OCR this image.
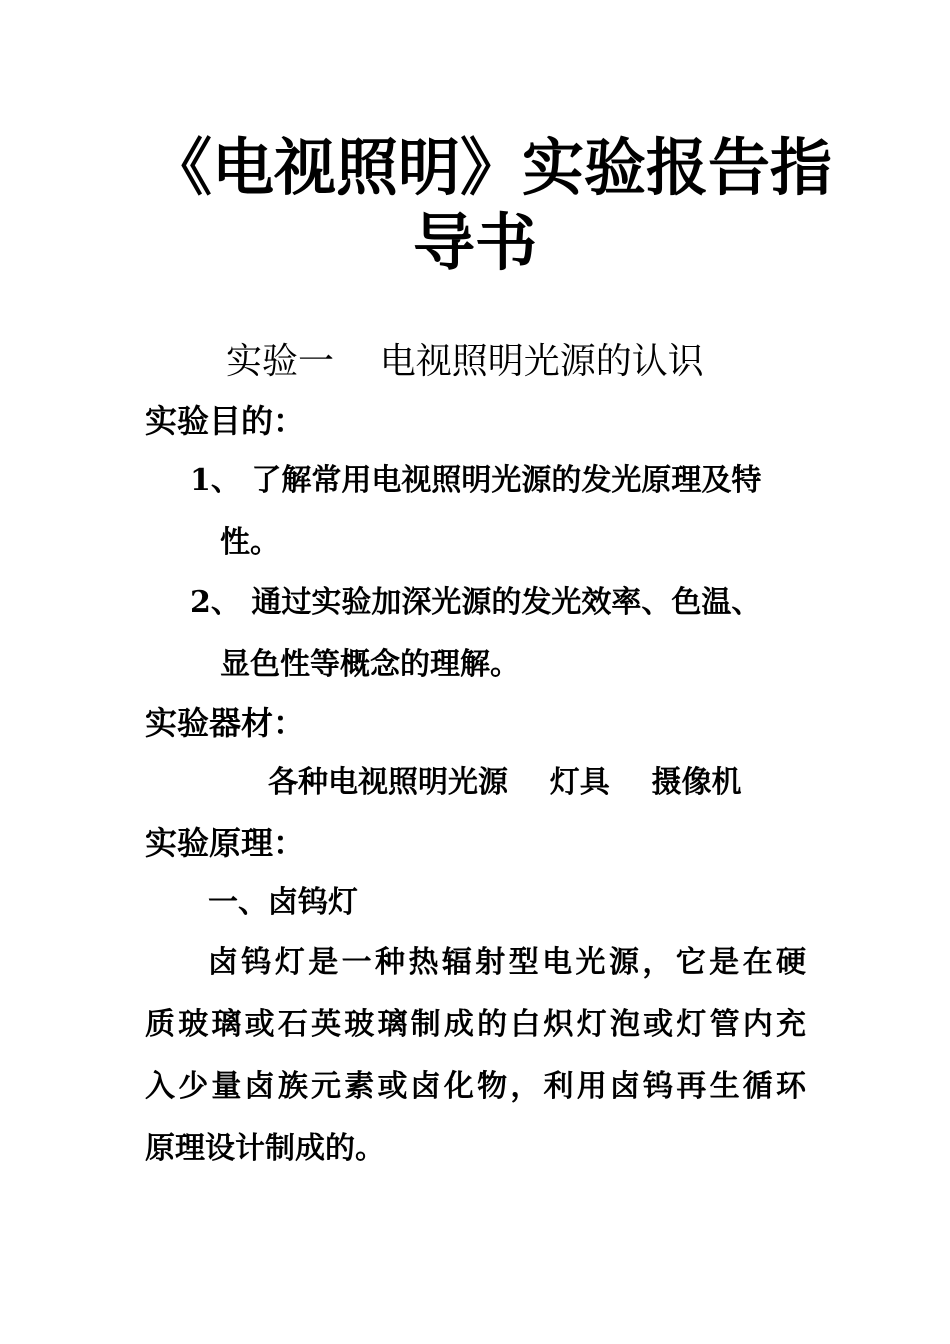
《电视照明》实验报告指
导书
实验一    电视照明光源的认识
实验目的：
1、 了解常用电视照明光源的发光原理及特
性。
2、 通过实验加深光源的发光效率、色温、
显色性等概念的理解。
实验器材：
各种电视照明光源    灯具    摄像机
实验原理：
一、卤钨灯
卤钨灯是一种热辐射型电光源，它是在硬
质玻璃或石英玻璃制成的白炽灯泡或灯管内充
入少量卤族元素或卤化物，利用卤钨再生循环
原理设计制成的。
